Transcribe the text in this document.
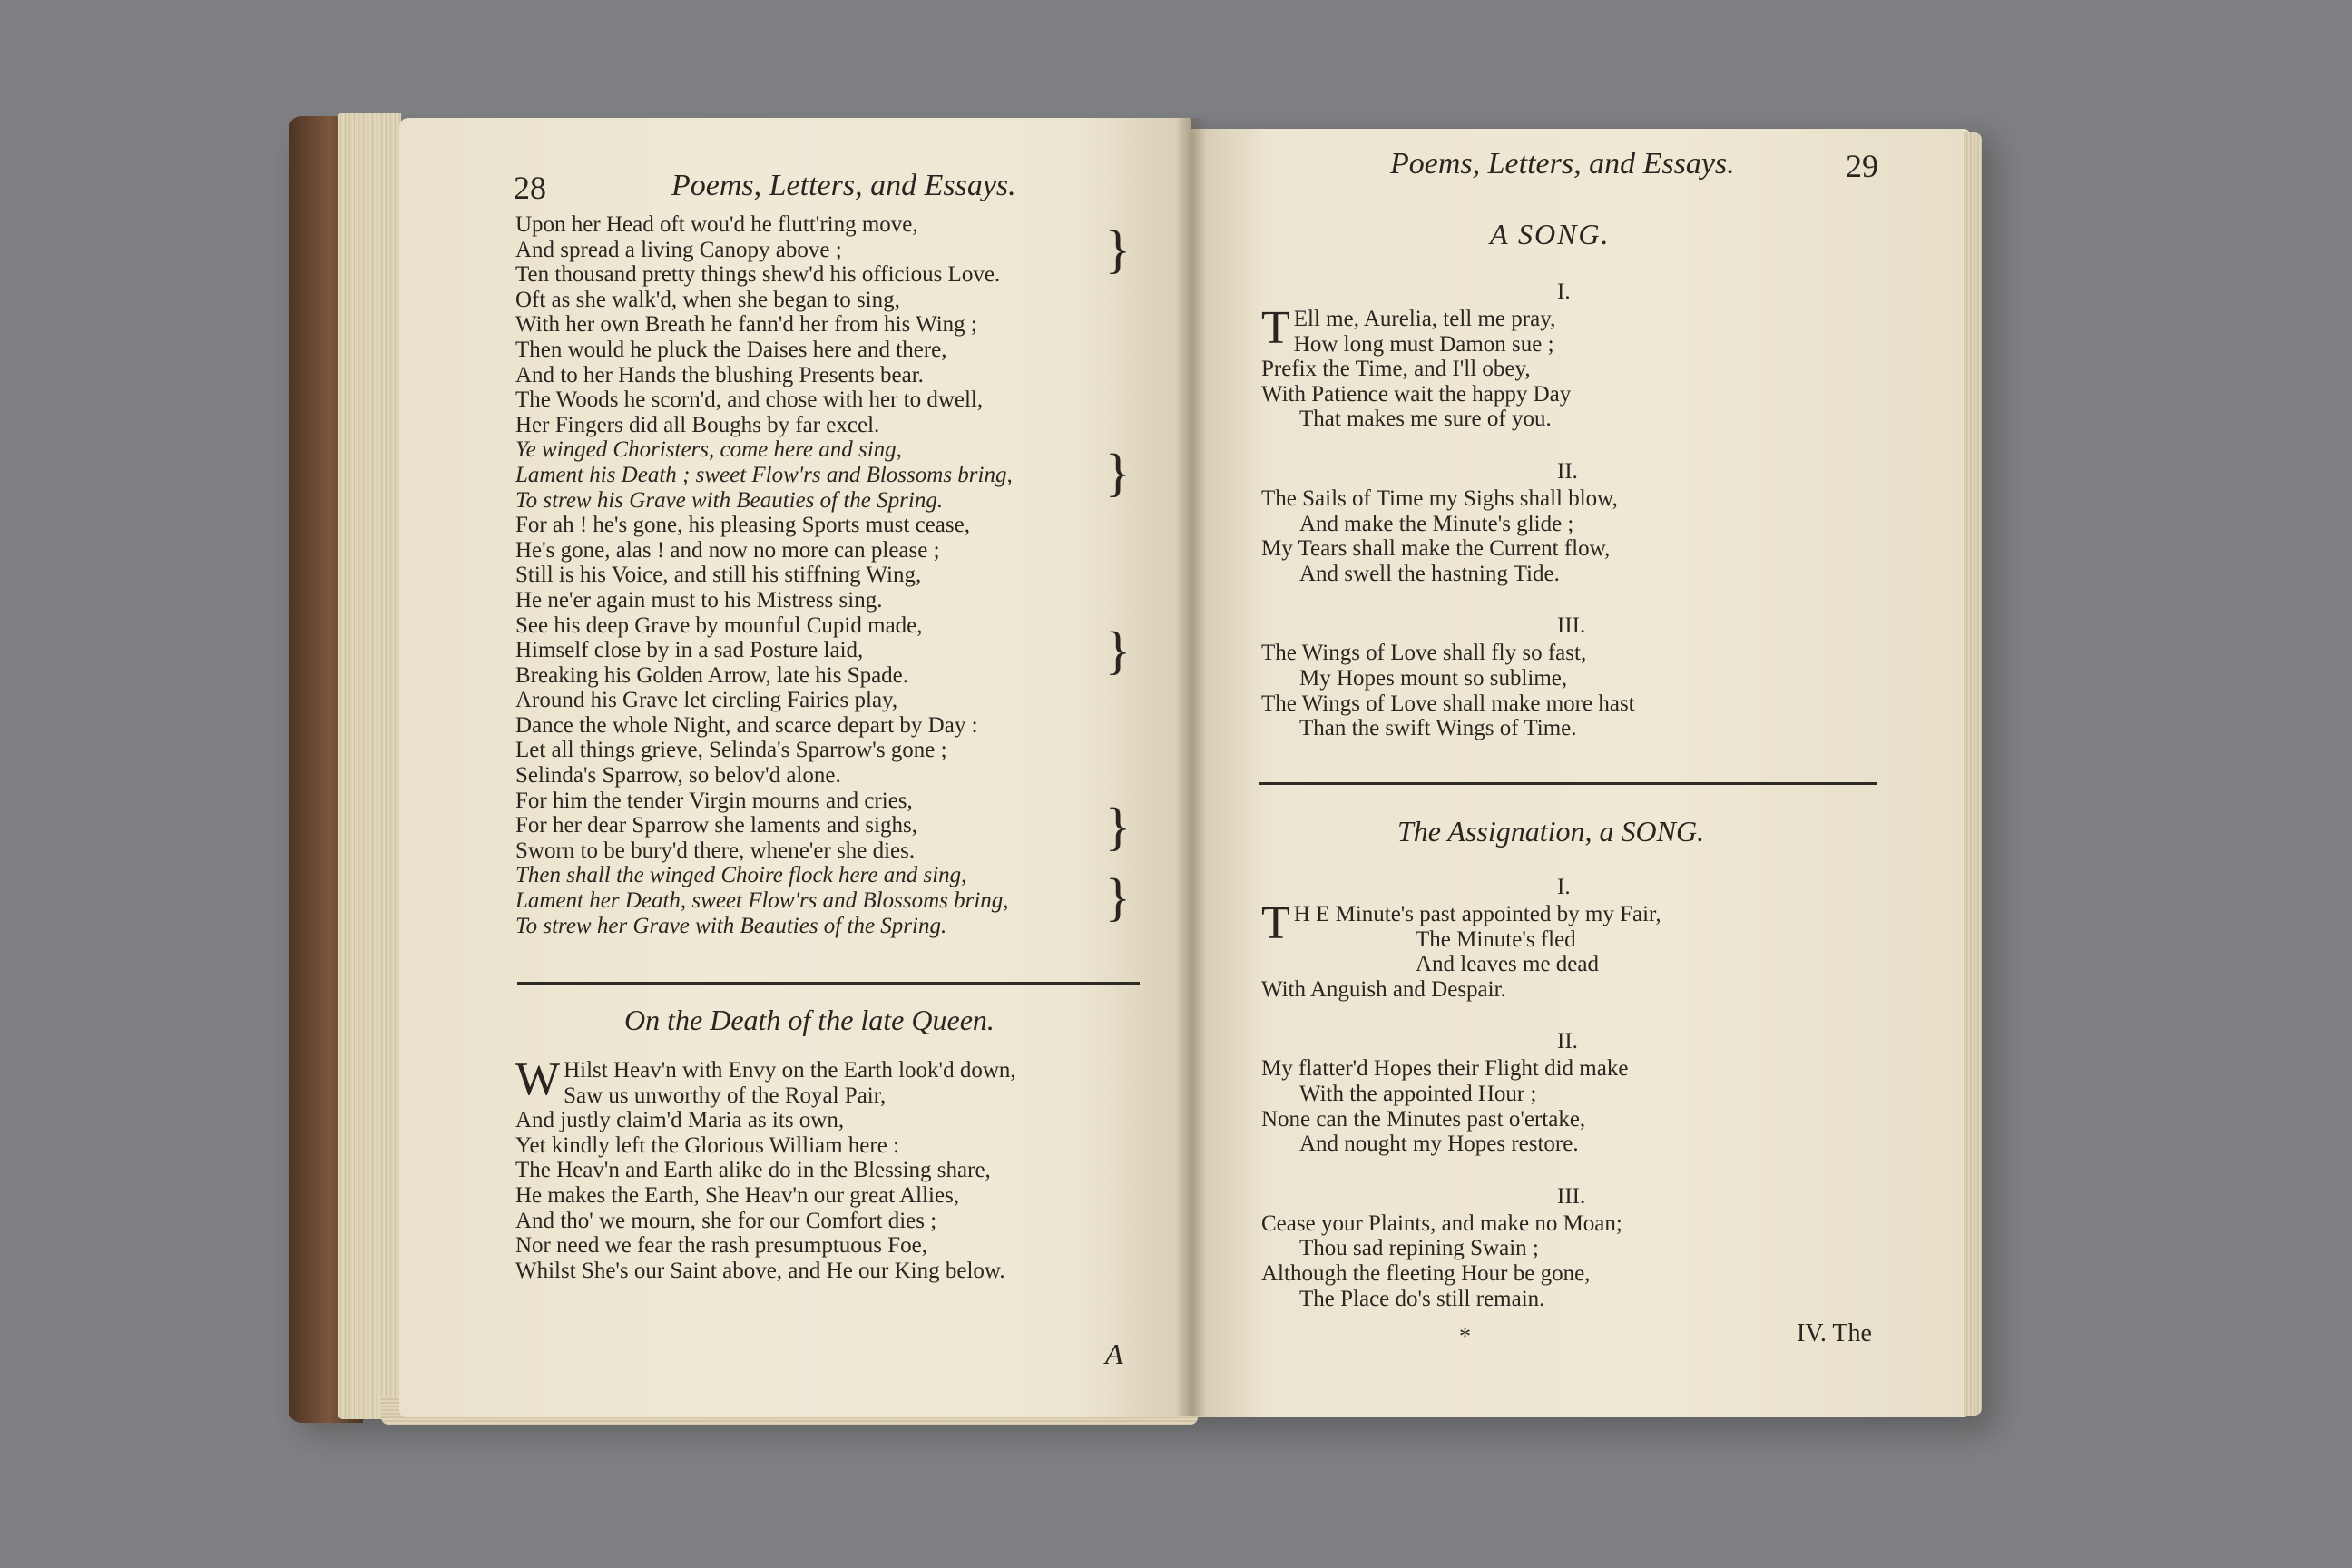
28	Poems, Letters, and Essays.
Upon her Head oft wou'd he flutt'ring move,
And spread a living Canopy above ;
Ten thousand pretty things shew'd his officious Love.
Oft as she walk'd, when she began to sing,
With her own Breath he fann'd her from his Wing ;
Then would he pluck the Daises here and there,
And to her Hands the blushing Presents bear.
The Woods he scorn'd, and chose with her to dwell,
Her Fingers did all Boughs by far excel.
Ye winged Choristers, come here and sing,
Lament his Death ; sweet Flow'rs and Blossoms bring,
To strew his Grave with Beauties of the Spring.
For ah ! he's gone, his pleasing Sports must cease,
He's gone, alas ! and now no more can please ;
Still is his Voice, and still his stiffning Wing,
He ne'er again must to his Mistress sing.
See his deep Grave by mounful Cupid made,
Himself close by in a sad Posture laid,
Breaking his Golden Arrow, late his Spade.
Around his Grave let circling Fairies play,
Dance the whole Night, and scarce depart by Day :
Let all things grieve, Selinda's Sparrow's gone ;
Selinda's Sparrow, so belov'd alone.
For him the tender Virgin mourns and cries,
For her dear Sparrow she laments and sighs,
Sworn to be bury'd there, whene'er she dies.
Then shall the winged Choire flock here and sing,
Lament her Death, sweet Flow'rs and Blossoms bring,
To strew her Grave with Beauties of the Spring.
}
}
}
}
}
On the Death of the late Queen.
W Hilst Heav'n with Envy on the Earth look'd down,
Saw us unworthy of the Royal Pair,
And justly claim'd Maria as its own,
Yet kindly left the Glorious William here :
The Heav'n and Earth alike do in the Blessing share,
He makes the Earth, She Heav'n our great Allies,
And tho' we mourn, she for our Comfort dies ;
Nor need we fear the rash presumptuous Foe,
Whilst She's our Saint above, and He our King below.
A
Poems, Letters, and Essays.	29
A SONG.
I.
T Ell me, Aurelia, tell me pray,
How long must Damon sue ;
Prefix the Time, and I'll obey,
With Patience wait the happy Day
That makes me sure of you.
II.
The Sails of Time my Sighs shall blow,
And make the Minute's glide ;
My Tears shall make the Current flow,
And swell the hastning Tide.
III.
The Wings of Love shall fly so fast,
My Hopes mount so sublime,
The Wings of Love shall make more hast
Than the swift Wings of Time.
The Assignation, a SONG.
I.
T H E Minute's past appointed by my Fair,
The Minute's fled
And leaves me dead
With Anguish and Despair.
II.
My flatter'd Hopes their Flight did make
With the appointed Hour ;
None can the Minutes past o'ertake,
And nought my Hopes restore.
III.
Cease your Plaints, and make no Moan;
Thou sad repining Swain ;
Although the fleeting Hour be gone,
The Place do's still remain.
*	IV. The
